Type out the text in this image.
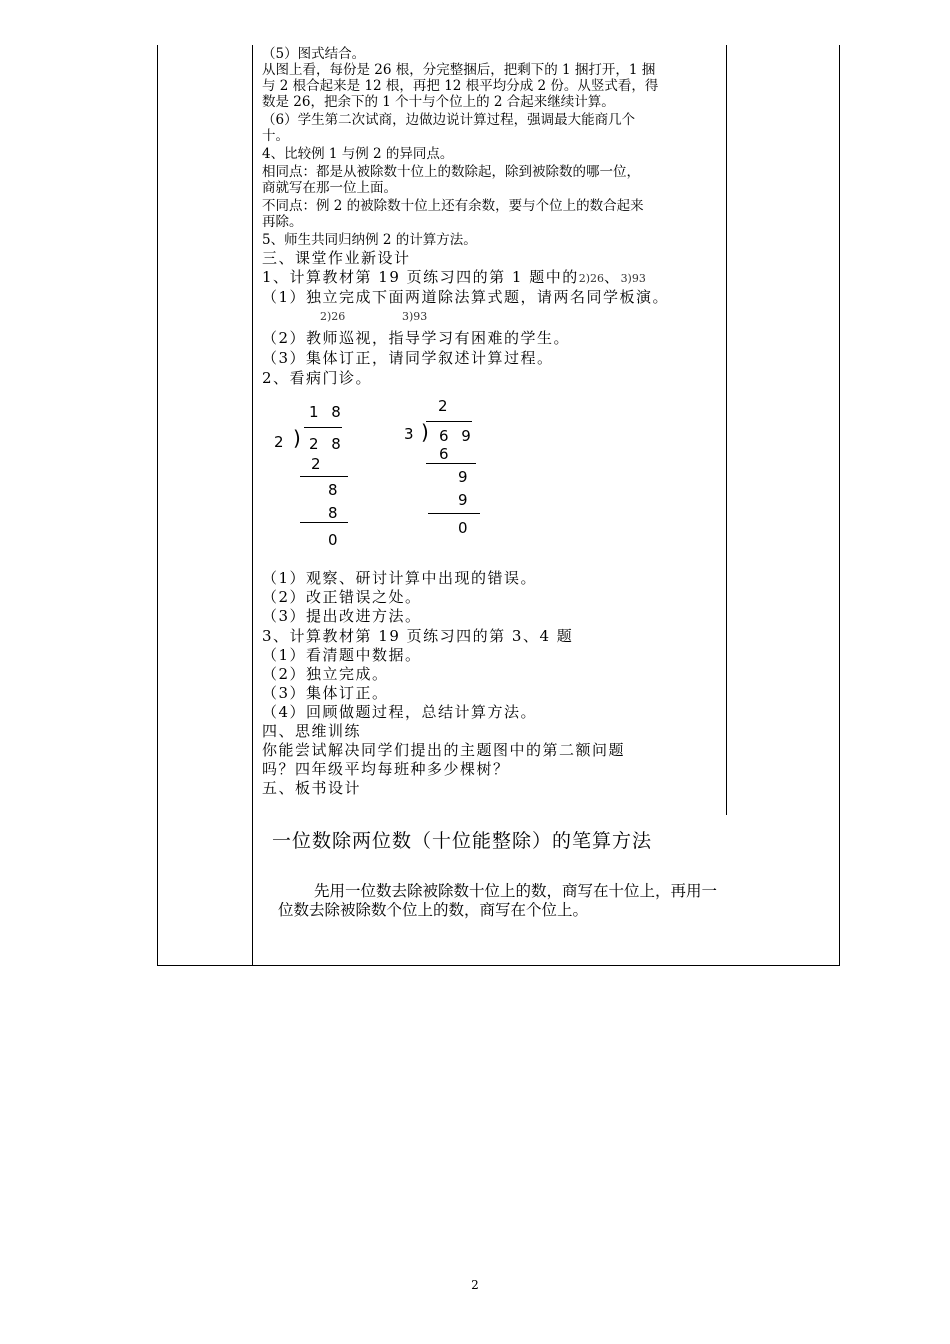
（5）图式结合。
从图上看，每份是 26 根，分完整捆后，把剩下的 1 捆打开，1 捆
与 2 根合起来是 12 根，再把 12 根平均分成 2 份。从竖式看，得
数是 26，把余下的 1 个十与个位上的 2 合起来继续计算。
（6）学生第二次试商，边做边说计算过程，强调最大能商几个
十。
4、比较例 1 与例 2 的异同点。
相同点：都是从被除数十位上的数除起，除到被除数的哪一位，
商就写在那一位上面。
不同点：例 2 的被除数十位上还有余数，要与个位上的数合起来
再除。
5、师生共同归纳例 2 的计算方法。
三、课堂作业新设计
1、计算教材第 19 页练习四的第 1 题中的2)26、3)93
（1）独立完成下面两道除法算式题，请两名同学板演。
2)26	3)93
（2）教师巡视，指导学习有困难的学生。
（3）集体订正，请同学叙述计算过程。
2、看病门诊。
（1）观察、研讨计算中出现的错误。
（2）改正错误之处。
（3）提出改进方法。
3、计算教材第 19 页练习四的第 3、4 题
（1）看清题中数据。
（2）独立完成。
（3）集体订正。
（4）回顾做题过程，总结计算方法。
四、思维训练
你能尝试解决同学们提出的主题图中的第二额问题
吗？四年级平均每班种多少棵树？
五、板书设计
1 8
2 ) 2 8
2
8
8
0
2
3 ) 6 9
6
9
9
0
一位数除两位数（十位能整除）的笔算方法
先用一位数去除被除数十位上的数，商写在十位上，再用一位数去除被除数个位上的数，商写在个位上。
2
